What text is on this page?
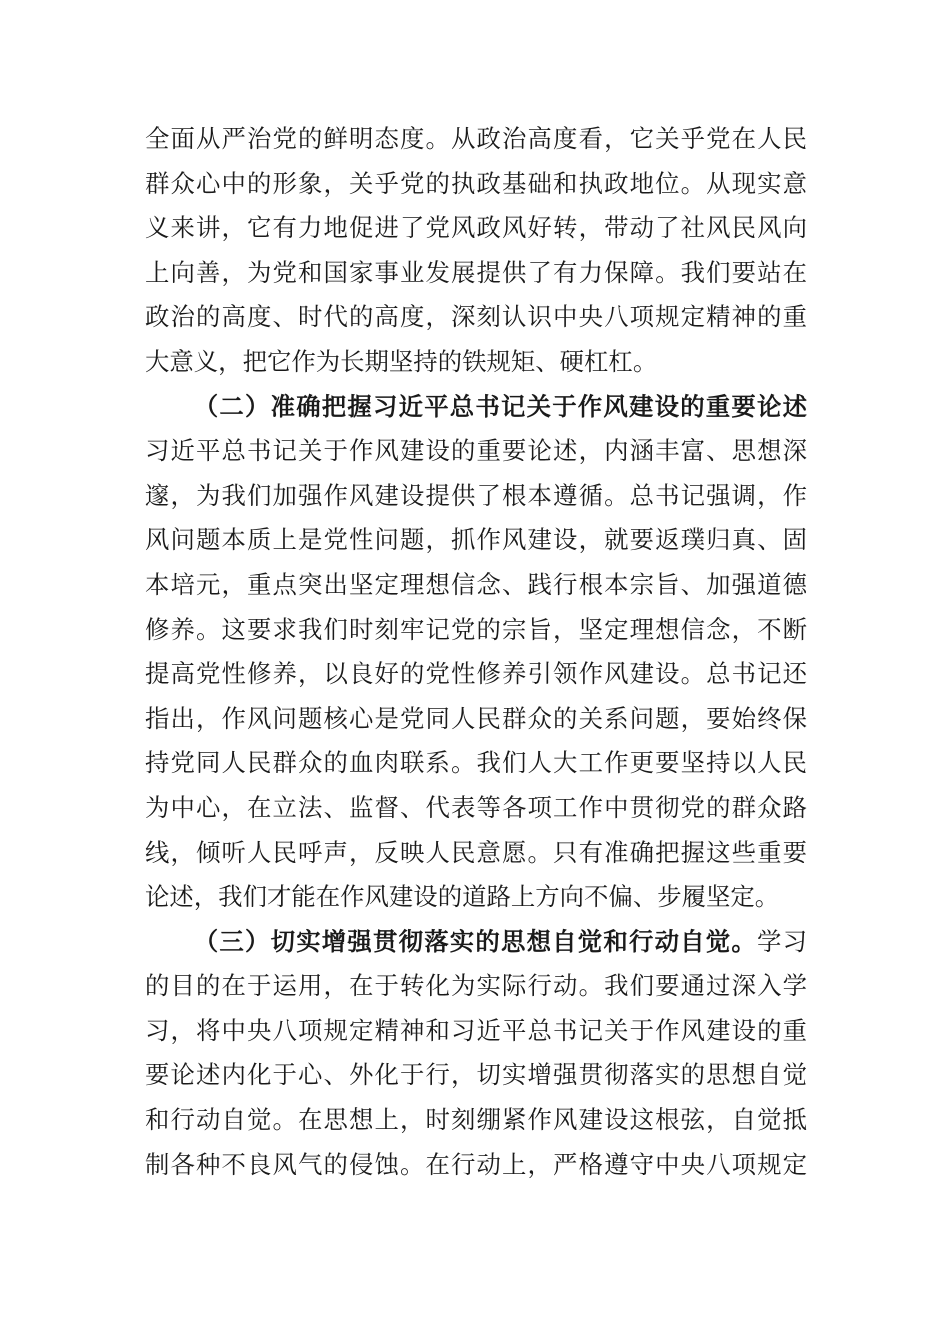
全面从严治党的鲜明态度。从政治高度看，它关乎党在人民
群众心中的形象，关乎党的执政基础和执政地位。从现实意
义来讲，它有力地促进了党风政风好转，带动了社风民风向
上向善，为党和国家事业发展提供了有力保障。我们要站在
政治的高度、时代的高度，深刻认识中央八项规定精神的重
大意义，把它作为长期坚持的铁规矩、硬杠杠。
（二）准确把握习近平总书记关于作风建设的重要论述
习近平总书记关于作风建设的重要论述，内涵丰富、思想深
邃，为我们加强作风建设提供了根本遵循。总书记强调，作
风问题本质上是党性问题，抓作风建设，就要返璞归真、固
本培元，重点突出坚定理想信念、践行根本宗旨、加强道德
修养。这要求我们时刻牢记党的宗旨，坚定理想信念，不断
提高党性修养，以良好的党性修养引领作风建设。总书记还
指出，作风问题核心是党同人民群众的关系问题，要始终保
持党同人民群众的血肉联系。我们人大工作更要坚持以人民
为中心，在立法、监督、代表等各项工作中贯彻党的群众路
线，倾听人民呼声，反映人民意愿。只有准确把握这些重要
论述，我们才能在作风建设的道路上方向不偏、步履坚定。
（三）切实增强贯彻落实的思想自觉和行动自觉。学习
的目的在于运用，在于转化为实际行动。我们要通过深入学
习，将中央八项规定精神和习近平总书记关于作风建设的重
要论述内化于心、外化于行，切实增强贯彻落实的思想自觉
和行动自觉。在思想上，时刻绷紧作风建设这根弦，自觉抵
制各种不良风气的侵蚀。在行动上，严格遵守中央八项规定
